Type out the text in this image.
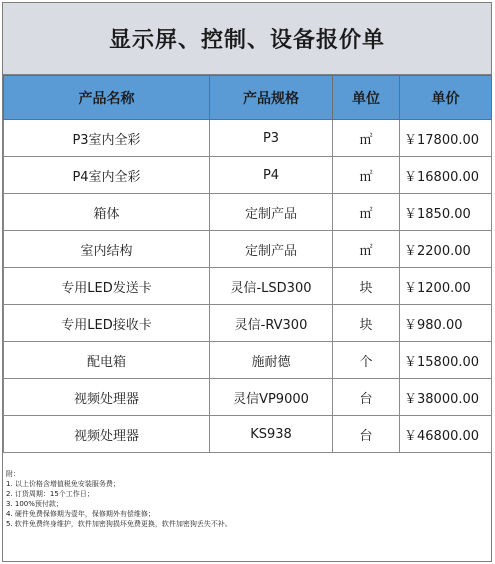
显示屏、控制、设备报价单
产品名称	产品规格	单位	单价
P3室内全彩	P3	㎡	￥17800.00
P4室内全彩	P4	㎡	￥16800.00
箱体	定制产品	㎡	￥1850.00
室内结构	定制产品	㎡	￥2200.00
专用LED发送卡	灵信-LSD300	块	￥1200.00
专用LED接收卡	灵信-RV300	块	￥980.00
配电箱	施耐德	个	￥15800.00
视频处理器	灵信VP9000	台	￥38000.00
视频处理器	KS938	台	￥46800.00
附：
1. 以上价格含增值税免安装服务费；
2. 订货周期：15个工作日；
3. 100%预付款；
4. 硬件免费保修期为壹年，保修期外有偿维修；
5. 软件免费终身维护，软件加密狗损坏免费更换，软件加密狗丢失不补。
